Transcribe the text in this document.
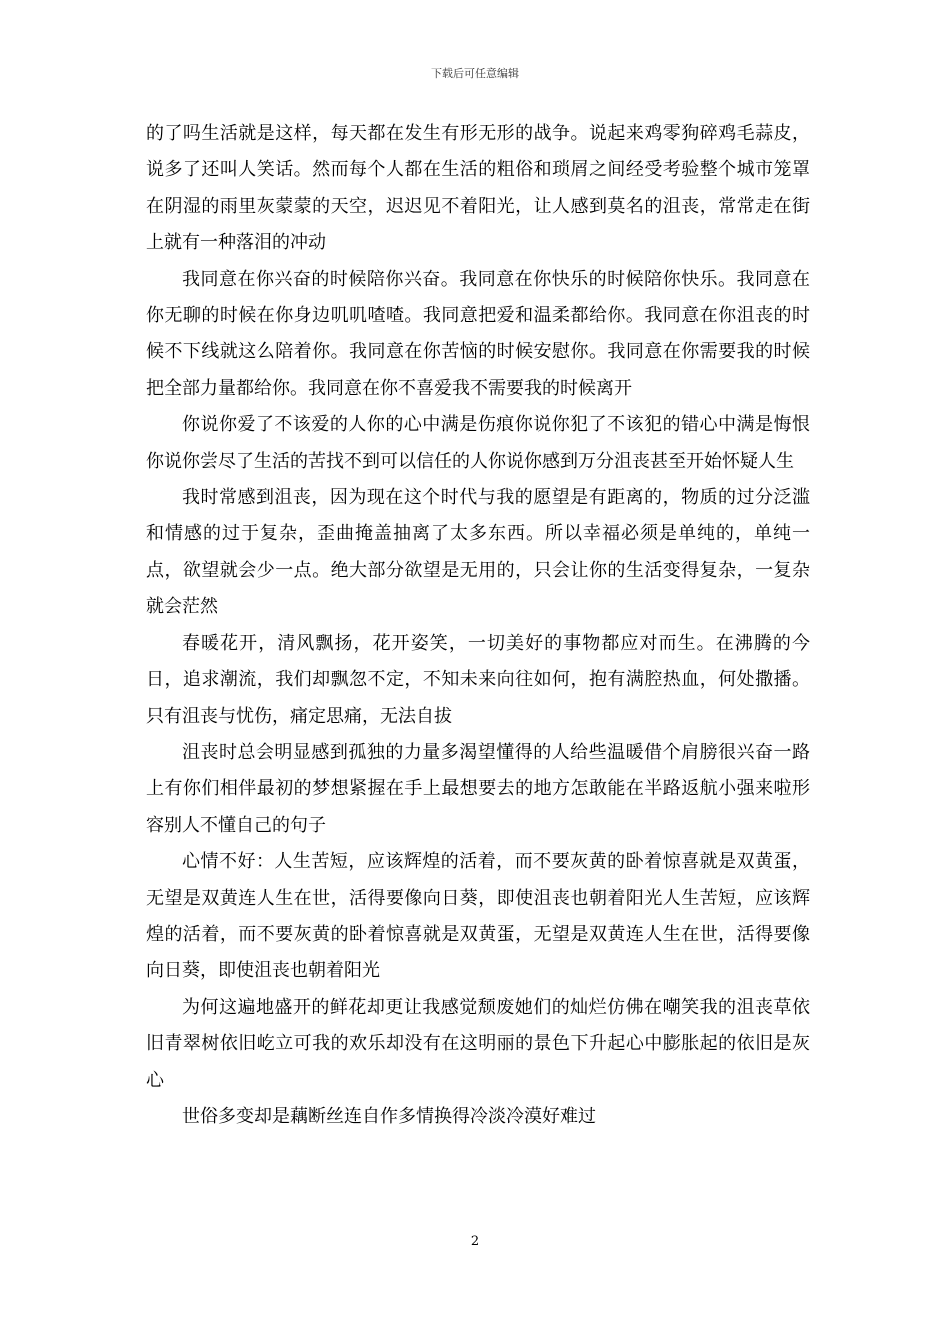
下载后可任意编辑

的了吗生活就是这样，每天都在发生有形无形的战争。说起来鸡零狗碎鸡毛蒜皮，说多了还叫人笑话。然而每个人都在生活的粗俗和琐屑之间经受考验整个城市笼罩在阴湿的雨里灰蒙蒙的天空，迟迟见不着阳光，让人感到莫名的沮丧，常常走在街上就有一种落泪的冲动

我同意在你兴奋的时候陪你兴奋。我同意在你快乐的时候陪你快乐。我同意在你无聊的时候在你身边叽叽喳喳。我同意把爱和温柔都给你。我同意在你沮丧的时候不下线就这么陪着你。我同意在你苦恼的时候安慰你。我同意在你需要我的时候把全部力量都给你。我同意在你不喜爱我不需要我的时候离开

你说你爱了不该爱的人你的心中满是伤痕你说你犯了不该犯的错心中满是悔恨你说你尝尽了生活的苦找不到可以信任的人你说你感到万分沮丧甚至开始怀疑人生

我时常感到沮丧，因为现在这个时代与我的愿望是有距离的，物质的过分泛滥和情感的过于复杂，歪曲掩盖抽离了太多东西。所以幸福必须是单纯的，单纯一点，欲望就会少一点。绝大部分欲望是无用的，只会让你的生活变得复杂，一复杂就会茫然

春暖花开，清风飘扬，花开姿笑，一切美好的事物都应对而生。在沸腾的今日，追求潮流，我们却飘忽不定，不知未来向往如何，抱有满腔热血，何处撒播。只有沮丧与忧伤，痛定思痛，无法自拔

沮丧时总会明显感到孤独的力量多渴望懂得的人给些温暖借个肩膀很兴奋一路上有你们相伴最初的梦想紧握在手上最想要去的地方怎敢能在半路返航小强来啦形容别人不懂自己的句子

心情不好：人生苦短，应该辉煌的活着，而不要灰黄的卧着惊喜就是双黄蛋，无望是双黄连人生在世，活得要像向日葵，即使沮丧也朝着阳光人生苦短，应该辉煌的活着，而不要灰黄的卧着惊喜就是双黄蛋，无望是双黄连人生在世，活得要像向日葵，即使沮丧也朝着阳光

为何这遍地盛开的鲜花却更让我感觉颓废她们的灿烂仿佛在嘲笑我的沮丧草依旧青翠树依旧屹立可我的欢乐却没有在这明丽的景色下升起心中膨胀起的依旧是灰心

世俗多变却是藕断丝连自作多情换得冷淡冷漠好难过

2
